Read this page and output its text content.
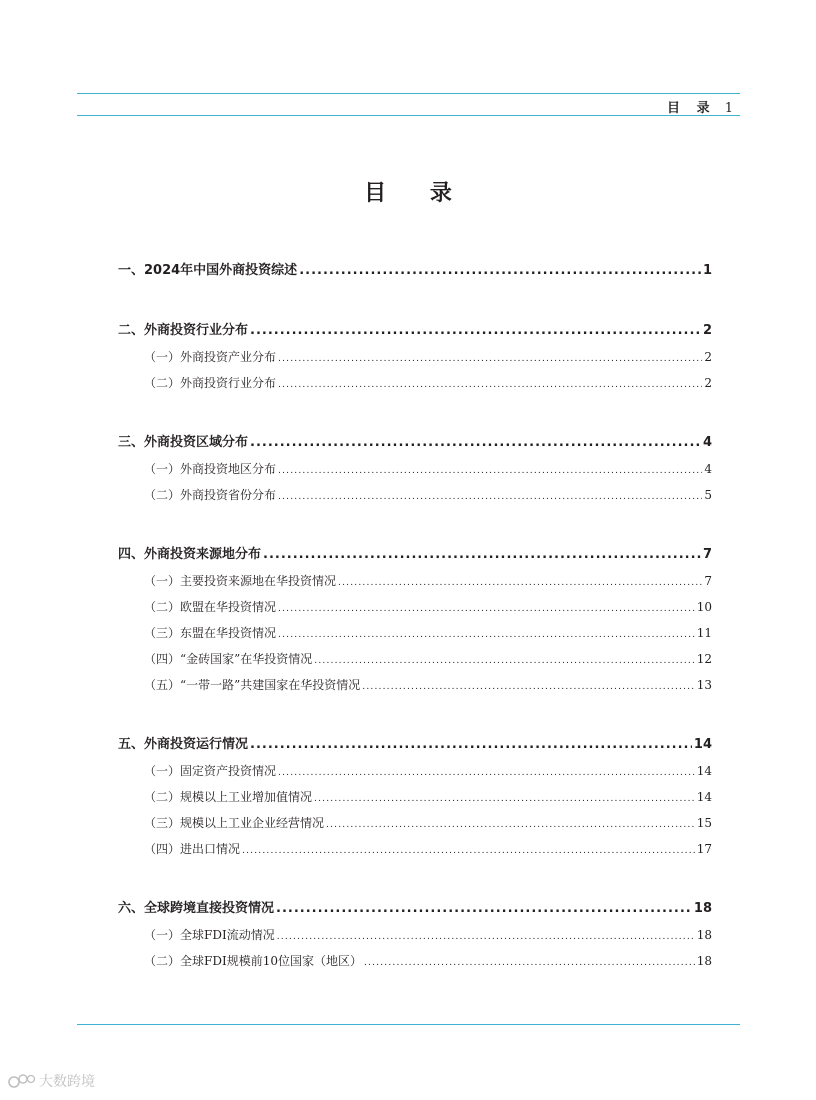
目 录 1
目 录
一、2024年中国外商投资综述 .....	1
二、外商投资行业分布 .....	2
（一）外商投资产业分布 .....	2
（二）外商投资行业分布 .....	2
三、外商投资区域分布 .....	4
（一）外商投资地区分布 .....	4
（二）外商投资省份分布 .....	5
四、外商投资来源地分布 .....	7
（一）主要投资来源地在华投资情况 .....	7
（二）欧盟在华投资情况 .....	10
（三）东盟在华投资情况 .....	11
（四）“金砖国家”在华投资情况 .....	12
（五）“一带一路”共建国家在华投资情况 .....	13
五、外商投资运行情况 .....	14
（一）固定资产投资情况 .....	14
（二）规模以上工业增加值情况 .....	14
（三）规模以上工业企业经营情况 .....	15
（四）进出口情况 .....	17
六、全球跨境直接投资情况 .....	18
（一）全球FDI流动情况 .....	18
（二）全球FDI规模前10位国家（地区） .....	18
大数跨境
